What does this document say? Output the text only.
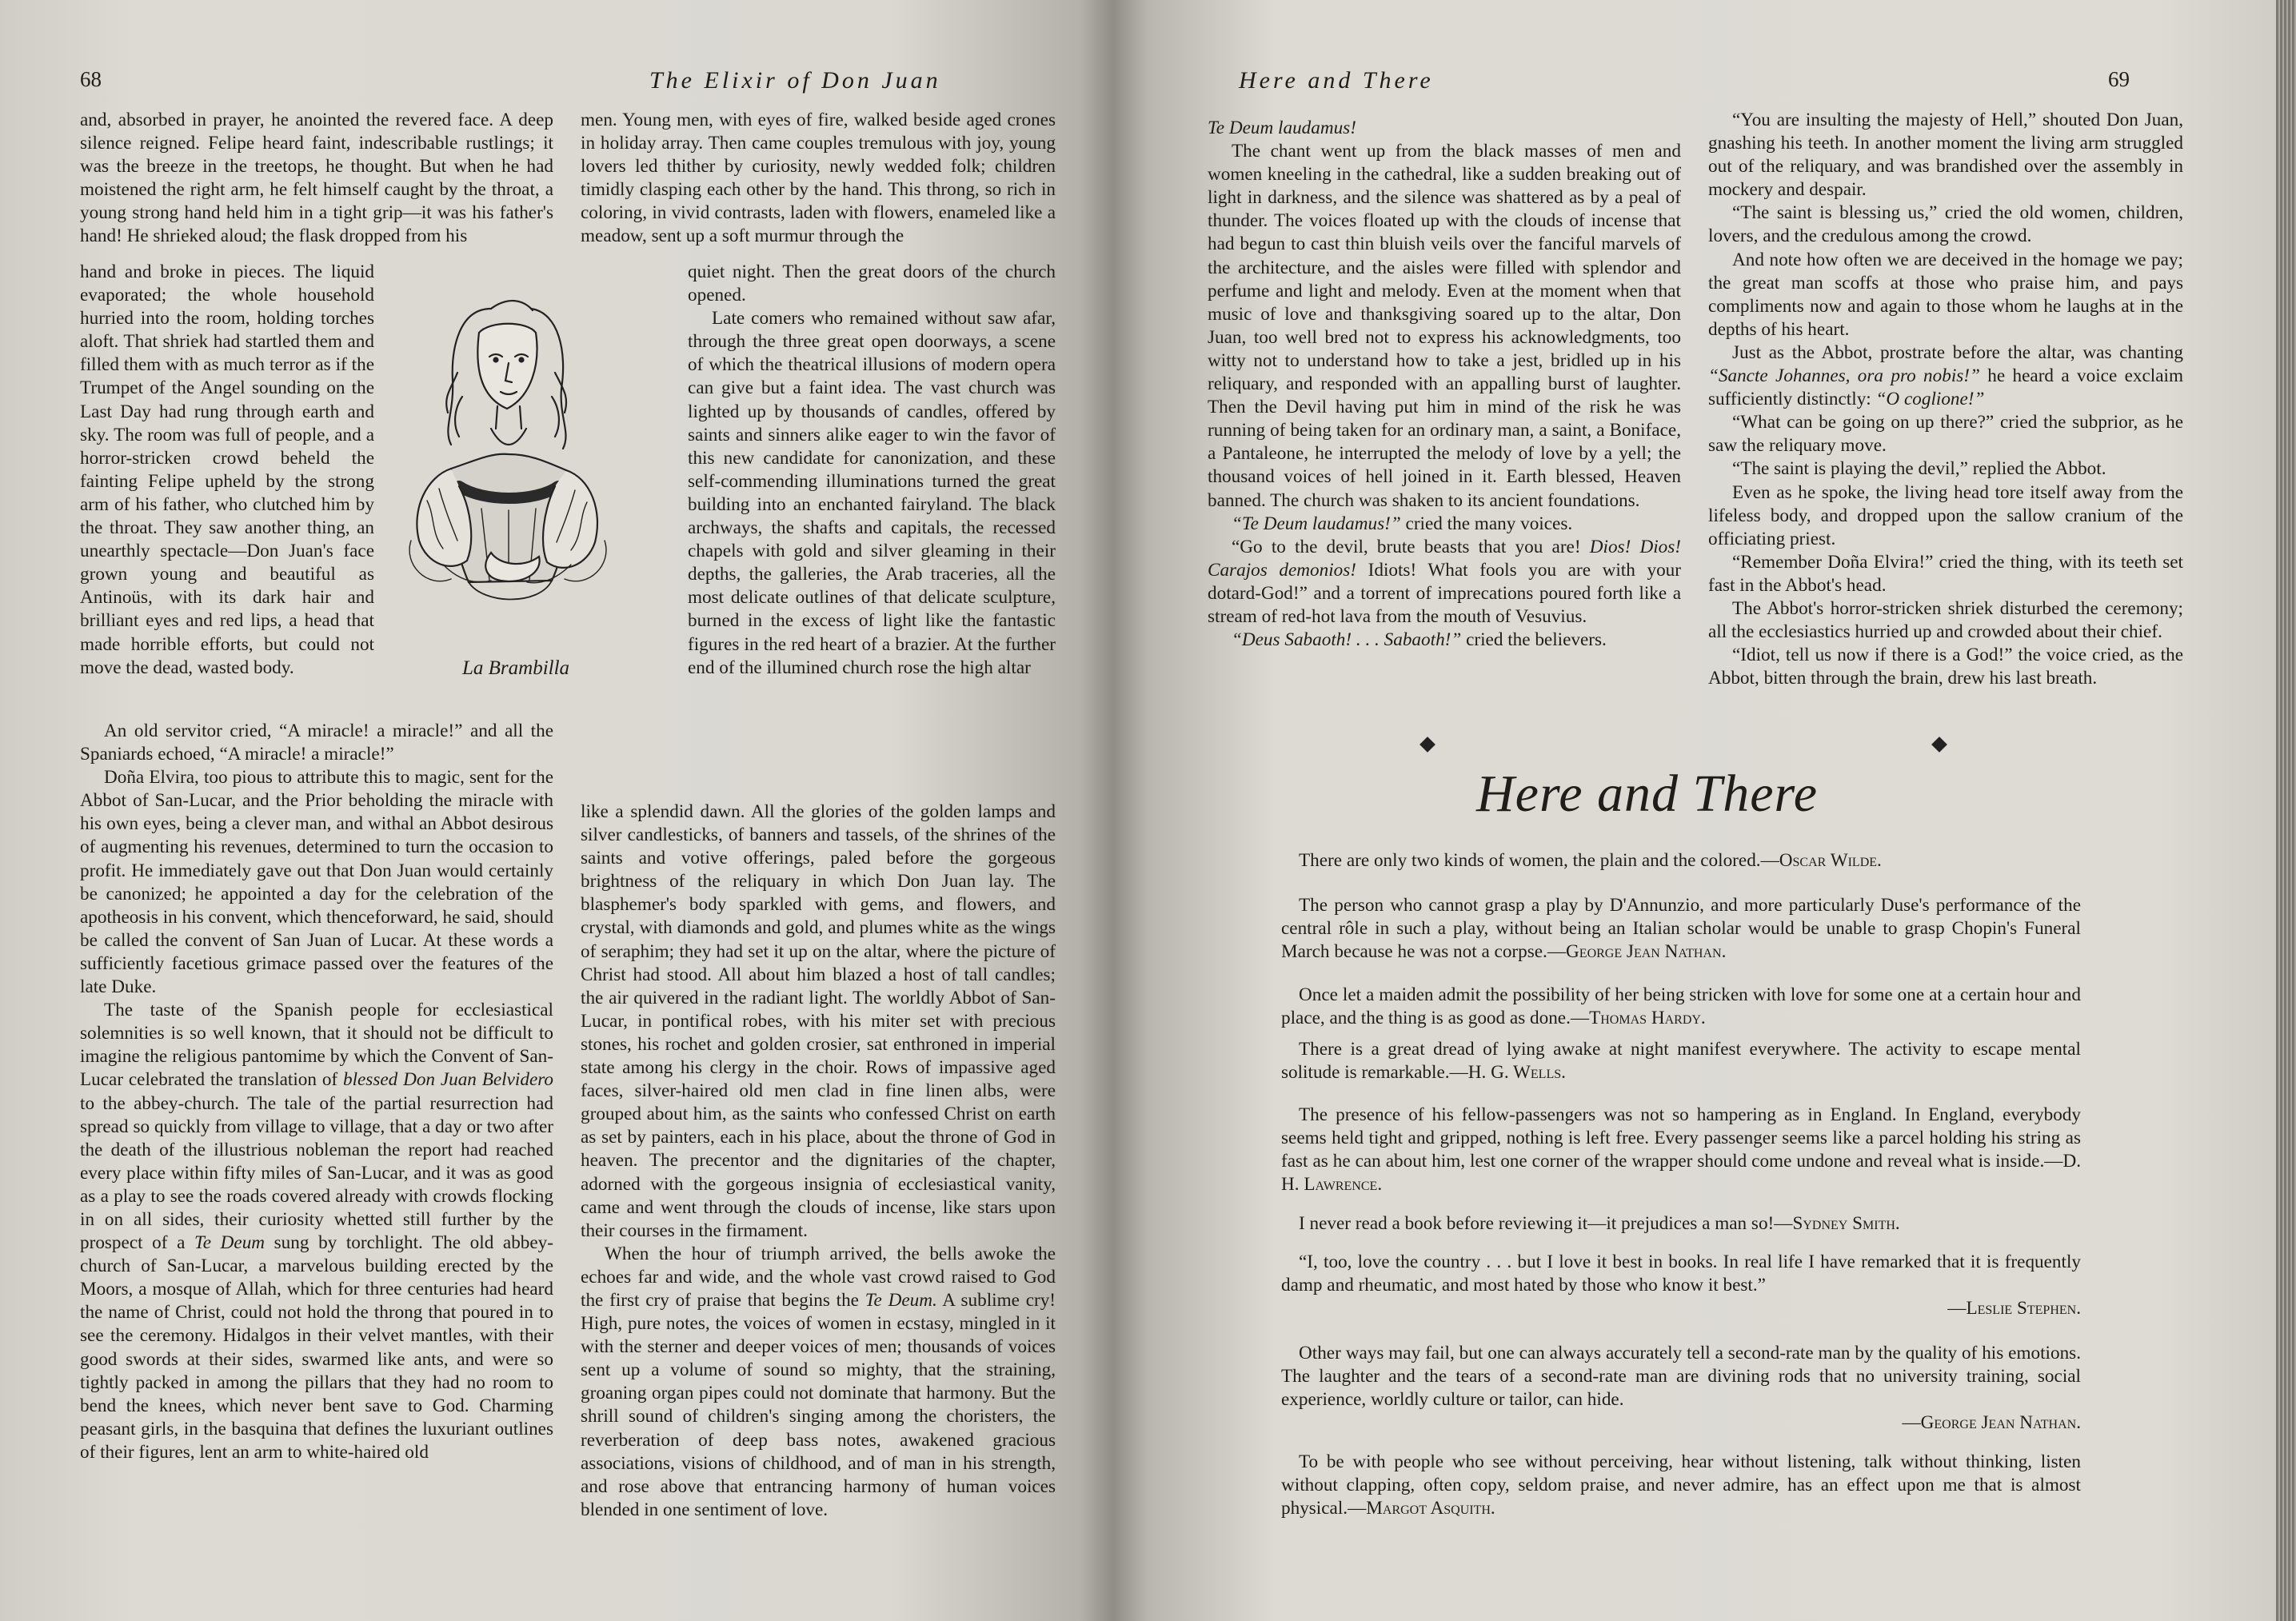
68	The Elixir of Don Juan

and, absorbed in prayer, he anointed the revered face. A deep silence reigned. Felipe heard faint, indescribable rustlings; it was the breeze in the treetops, he thought. But when he had moistened the right arm, he felt himself caught by the throat, a young strong hand held him in a tight grip—it was his father's hand! He shrieked aloud; the flask dropped from his

hand and broke in pieces. The liquid evaporated; the whole household hurried into the room, holding torches aloft. That shriek had startled them and filled them with as much terror as if the Trumpet of the Angel sounding on the Last Day had rung through earth and sky. The room was full of people, and a horror-stricken crowd beheld the fainting Felipe upheld by the strong arm of his father, who clutched him by the throat. They saw another thing, an unearthly spectacle—Don Juan's face grown young and beautiful as Antinoüs, with its dark hair and brilliant eyes and red lips, a head that made horrible efforts, but could not move the dead, wasted body.

An old servitor cried, “A miracle! a miracle!” and all the Spaniards echoed, “A miracle! a miracle!”

Doña Elvira, too pious to attribute this to magic, sent for the Abbot of San-Lucar, and the Prior beholding the miracle with his own eyes, being a clever man, and withal an Abbot desirous of augmenting his revenues, determined to turn the occasion to profit. He immediately gave out that Don Juan would certainly be canonized; he appointed a day for the celebration of the apotheosis in his convent, which thenceforward, he said, should be called the convent of San Juan of Lucar. At these words a sufficiently facetious grimace passed over the features of the late Duke.

The taste of the Spanish people for ecclesiastical solemnities is so well known, that it should not be difficult to imagine the religious pantomime by which the Convent of San-Lucar celebrated the translation of blessed Don Juan Belvidero to the abbey-church. The tale of the partial resurrection had spread so quickly from village to village, that a day or two after the death of the illustrious nobleman the report had reached every place within fifty miles of San-Lucar, and it was as good as a play to see the roads covered already with crowds flocking in on all sides, their curiosity whetted still further by the prospect of a Te Deum sung by torchlight. The old abbey-church of San-Lucar, a marvelous building erected by the Moors, a mosque of Allah, which for three centuries had heard the name of Christ, could not hold the throng that poured in to see the ceremony. Hidalgos in their velvet mantles, with their good swords at their sides, swarmed like ants, and were so tightly packed in among the pillars that they had no room to bend the knees, which never bent save to God. Charming peasant girls, in the basquina that defines the luxuriant outlines of their figures, lent an arm to white-haired old

men. Young men, with eyes of fire, walked beside aged crones in holiday array. Then came couples tremulous with joy, young lovers led thither by curiosity, newly wedded folk; children timidly clasping each other by the hand. This throng, so rich in coloring, in vivid contrasts, laden with flowers, enameled like a meadow, sent up a soft murmur through the

quiet night. Then the great doors of the church opened.

Late comers who remained without saw afar, through the three great open doorways, a scene of which the theatrical illusions of modern opera can give but a faint idea. The vast church was lighted up by thousands of candles, offered by saints and sinners alike eager to win the favor of this new candidate for canonization, and these self-commending illuminations turned the great building into an enchanted fairyland. The black archways, the shafts and capitals, the recessed chapels with gold and silver gleaming in their depths, the galleries, the Arab traceries, all the most delicate outlines of that delicate sculpture, burned in the excess of light like the fantastic figures in the red heart of a brazier. At the further end of the illumined church rose the high altar

like a splendid dawn. All the glories of the golden lamps and silver candlesticks, of banners and tassels, of the shrines of the saints and votive offerings, paled before the gorgeous brightness of the reliquary in which Don Juan lay. The blasphemer's body sparkled with gems, and flowers, and crystal, with diamonds and gold, and plumes white as the wings of seraphim; they had set it up on the altar, where the picture of Christ had stood. All about him blazed a host of tall candles; the air quivered in the radiant light. The worldly Abbot of San-Lucar, in pontifical robes, with his miter set with precious stones, his rochet and golden crosier, sat enthroned in imperial state among his clergy in the choir. Rows of impassive aged faces, silver-haired old men clad in fine linen albs, were grouped about him, as the saints who confessed Christ on earth as set by painters, each in his place, about the throne of God in heaven. The precentor and the dignitaries of the chapter, adorned with the gorgeous insignia of ecclesiastical vanity, came and went through the clouds of incense, like stars upon their courses in the firmament.

When the hour of triumph arrived, the bells awoke the echoes far and wide, and the whole vast crowd raised to God the first cry of praise that begins the Te Deum. A sublime cry! High, pure notes, the voices of women in ecstasy, mingled in it with the sterner and deeper voices of men; thousands of voices sent up a volume of sound so mighty, that the straining, groaning organ pipes could not dominate that harmony. But the shrill sound of children's singing among the choristers, the reverberation of deep bass notes, awakened gracious associations, visions of childhood, and of man in his strength, and rose above that entrancing harmony of human voices blended in one sentiment of love.

La Brambilla
69
Here and There

Te Deum laudamus!

The chant went up from the black masses of men and women kneeling in the cathedral, like a sudden breaking out of light in darkness, and the silence was shattered as by a peal of thunder. The voices floated up with the clouds of incense that had begun to cast thin bluish veils over the fanciful marvels of the architecture, and the aisles were filled with splendor and perfume and light and melody. Even at the moment when that music of love and thanksgiving soared up to the altar, Don Juan, too well bred not to express his acknowledgments, too witty not to understand how to take a jest, bridled up in his reliquary, and responded with an appalling burst of laughter. Then the Devil having put him in mind of the risk he was running of being taken for an ordinary man, a saint, a Boniface, a Pantaleone, he interrupted the melody of love by a yell; the thousand voices of hell joined in it. Earth blessed, Heaven banned. The church was shaken to its ancient foundations.

“Te Deum laudamus!” cried the many voices.

“Go to the devil, brute beasts that you are! Dios! Dios! Carajos demonios! Idiots! What fools you are with your dotard-God!” and a torrent of imprecations poured forth like a stream of red-hot lava from the mouth of Vesuvius.

“Deus Sabaoth! . . . Sabaoth!” cried the believers.

“You are insulting the majesty of Hell,” shouted Don Juan, gnashing his teeth. In another moment the living arm struggled out of the reliquary, and was brandished over the assembly in mockery and despair.

“The saint is blessing us,” cried the old women, children, lovers, and the credulous among the crowd.

And note how often we are deceived in the homage we pay; the great man scoffs at those who praise him, and pays compliments now and again to those whom he laughs at in the depths of his heart.

Just as the Abbot, prostrate before the altar, was chanting “Sancte Johannes, ora pro nobis!” he heard a voice exclaim sufficiently distinctly: “O coglione!”

“What can be going on up there?” cried the subprior, as he saw the reliquary move.

“The saint is playing the devil,” replied the Abbot.

Even as he spoke, the living head tore itself away from the lifeless body, and dropped upon the sallow cranium of the officiating priest.

“Remember Doña Elvira!” cried the thing, with its teeth set fast in the Abbot's head.

The Abbot's horror-stricken shriek disturbed the ceremony; all the ecclesiastics hurried up and crowded about their chief.

“Idiot, tell us now if there is a God!” the voice cried, as the Abbot, bitten through the brain, drew his last breath.

Here and There

There are only two kinds of women, the plain and the colored.—Oscar Wilde.

The person who cannot grasp a play by D'Annunzio, and more particularly Duse's performance of the central rôle in such a play, without being an Italian scholar would be unable to grasp Chopin's Funeral March because he was not a corpse.—George Jean Nathan.

Once let a maiden admit the possibility of her being stricken with love for some one at a certain hour and place, and the thing is as good as done.—Thomas Hardy.

There is a great dread of lying awake at night manifest everywhere. The activity to escape mental solitude is remarkable.—H. G. Wells.

The presence of his fellow-passengers was not so hampering as in England. In England, everybody seems held tight and gripped, nothing is left free. Every passenger seems like a parcel holding his string as fast as he can about him, lest one corner of the wrapper should come undone and reveal what is inside.—D. H. Lawrence.

I never read a book before reviewing it—it prejudices a man so!—Sydney Smith.

“I, too, love the country . . . but I love it best in books. In real life I have remarked that it is frequently damp and rheumatic, and most hated by those who know it best.”

—Leslie Stephen.

Other ways may fail, but one can always accurately tell a second-rate man by the quality of his emotions. The laughter and the tears of a second-rate man are divining rods that no university training, social experience, worldly culture or tailor, can hide.

—George Jean Nathan.

To be with people who see without perceiving, hear without listening, talk without thinking, listen without clapping, often copy, seldom praise, and never admire, has an effect upon me that is almost physical.—Margot Asquith.
